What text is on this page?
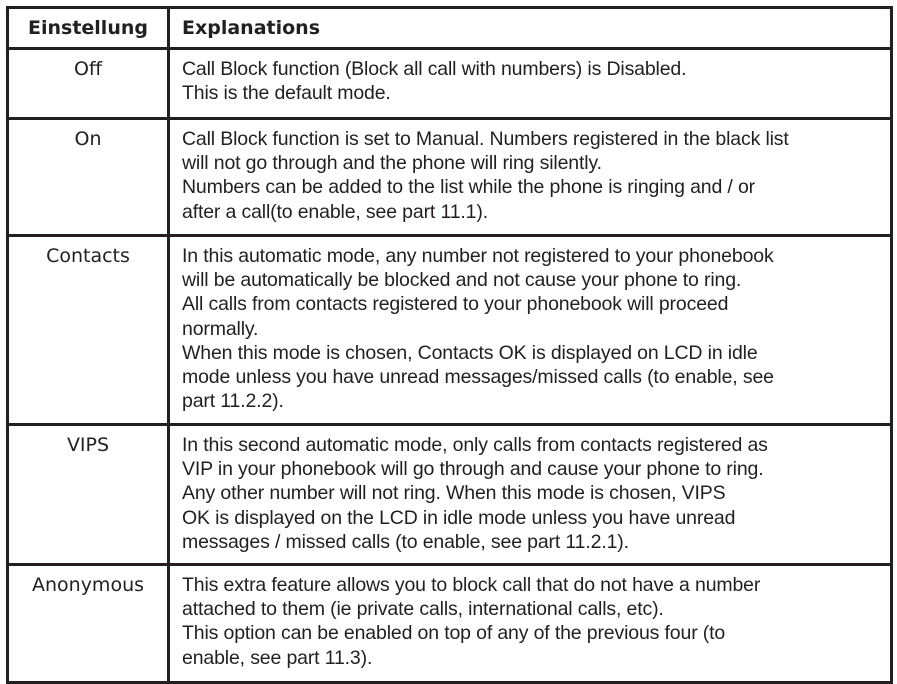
Einstellung	Explanations
Off	Call Block function (Block all call with numbers) is Disabled.
This is the default mode.

On	Call Block function is set to Manual. Numbers registered in the black list
will not go through and the phone will ring silently.
Numbers can be added to the list while the phone is ringing and / or
after a call(to enable, see part 11.1).

Contacts	In this automatic mode, any number not registered to your phonebook
will be automatically be blocked and not cause your phone to ring.
All calls from contacts registered to your phonebook will proceed
normally.
When this mode is chosen, Contacts OK is displayed on LCD in idle
mode unless you have unread messages/missed calls (to enable, see
part 11.2.2).

VIPS	In this second automatic mode, only calls from contacts registered as
VIP in your phonebook will go through and cause your phone to ring.
Any other number will not ring. When this mode is chosen, VIPS
OK is displayed on the LCD in idle mode unless you have unread
messages / missed calls (to enable, see part 11.2.1).

Anonymous	This extra feature allows you to block call that do not have a number
attached to them (ie private calls, international calls, etc).
This option can be enabled on top of any of the previous four (to
enable, see part 11.3).
